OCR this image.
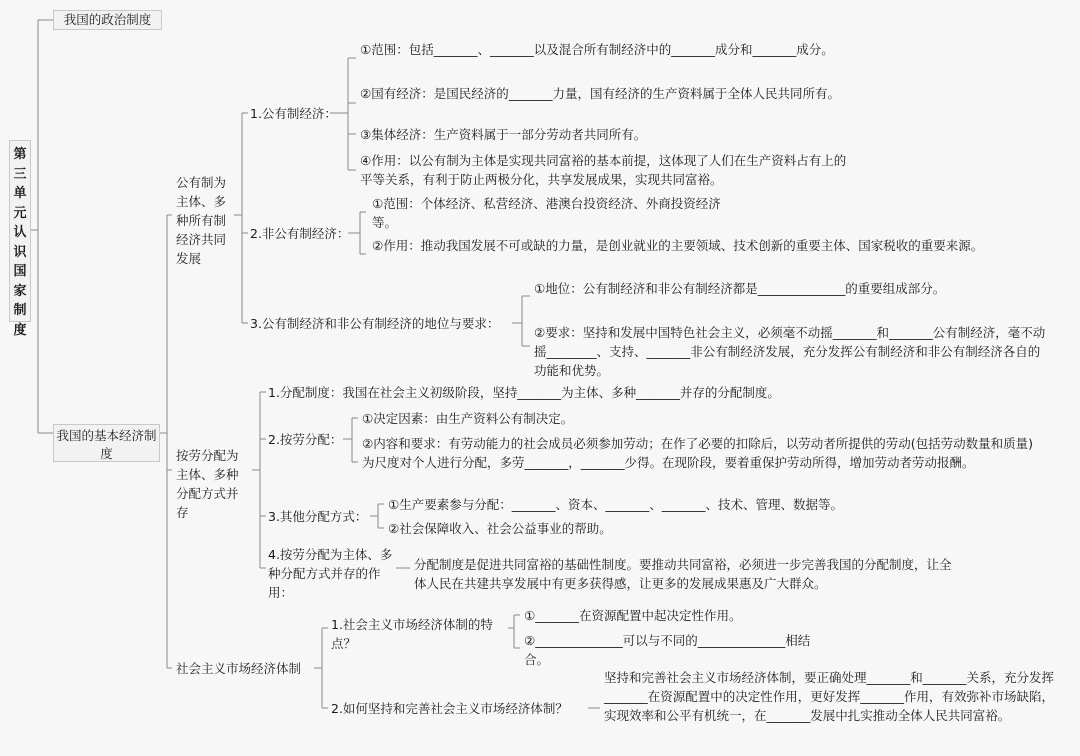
第三单元认识国家制度
我国的政治制度
我国的基本经济制度
公有制为主体、多种所有制经济共同发展
1.公有制经济：
①范围：包括_______、_______以及混合所有制经济中的_______成分和_______成分。
②国有经济：是国民经济的_______力量，国有经济的生产资料属于全体人民共同所有。
③集体经济：生产资料属于一部分劳动者共同所有。
④作用：以公有制为主体是实现共同富裕的基本前提，这体现了人们在生产资料占有上的平等关系，有利于防止两极分化，共享发展成果，实现共同富裕。
2.非公有制经济：
①范围：个体经济、私营经济、港澳台投资经济、外商投资经济等。
②作用：推动我国发展不可或缺的力量，是创业就业的主要领域、技术创新的重要主体、国家税收的重要来源。
3.公有制经济和非公有制经济的地位与要求：
①地位：公有制经济和非公有制经济都是______________的重要组成部分。
②要求：坚持和发展中国特色社会主义，必须毫不动摇_______和_______公有制经济，毫不动摇________、支持、_______非公有制经济发展，充分发挥公有制经济和非公有制经济各自的功能和优势。
按劳分配为主体、多种分配方式并存
1.分配制度：我国在社会主义初级阶段，坚持_______为主体、多种_______并存的分配制度。
2.按劳分配：
①决定因素：由生产资料公有制决定。
②内容和要求：有劳动能力的社会成员必须参加劳动；在作了必要的扣除后，以劳动者所提供的劳动(包括劳动数量和质量)为尺度对个人进行分配，多劳_______，_______少得。在现阶段，要着重保护劳动所得，增加劳动者劳动报酬。
3.其他分配方式：
①生产要素参与分配：_______、资本、_______、_______、技术、管理、数据等。
②社会保障收入、社会公益事业的帮助。
4.按劳分配为主体、多种分配方式并存的作用：
分配制度是促进共同富裕的基础性制度。要推动共同富裕，必须进一步完善我国的分配制度，让全体人民在共建共享发展中有更多获得感，让更多的发展成果惠及广大群众。
社会主义市场经济体制
1.社会主义市场经济体制的特点？
①_______在资源配置中起决定性作用。
②______________可以与不同的______________相结合。
2.如何坚持和完善社会主义市场经济体制？
坚持和完善社会主义市场经济体制，要正确处理_______和_______关系，充分发挥_______在资源配置中的决定性作用，更好发挥_______作用，有效弥补市场缺陷，实现效率和公平有机统一，在_______发展中扎实推动全体人民共同富裕。
